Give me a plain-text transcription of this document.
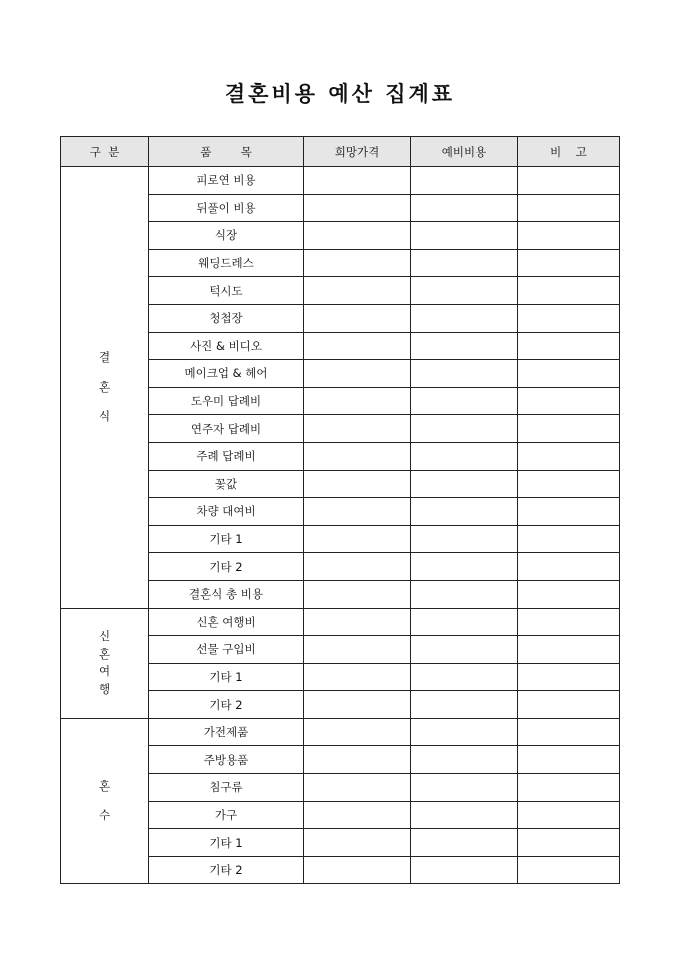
결혼비용 예산 집계표
구  분	품        목	희망가격	예비비용	비    고

결
혼
식	피로연 비용			
	뒤풀이 비용			
	식장			
	웨딩드레스			
	턱시도			
	청첩장			
	사진 & 비디오			
	메이크업 & 헤어			
	도우미 답례비			
	연주자 답례비			
	주례 답례비			
	꽃값			
	차량 대여비			
	기타 1			
	기타 2			
	결혼식 총 비용			

신
혼
여
행	신혼 여행비			
	선물 구입비			
	기타 1			
	기타 2			

혼
수	가전제품			
	주방용품			
	침구류			
	가구			
	기타 1			
	기타 2			
